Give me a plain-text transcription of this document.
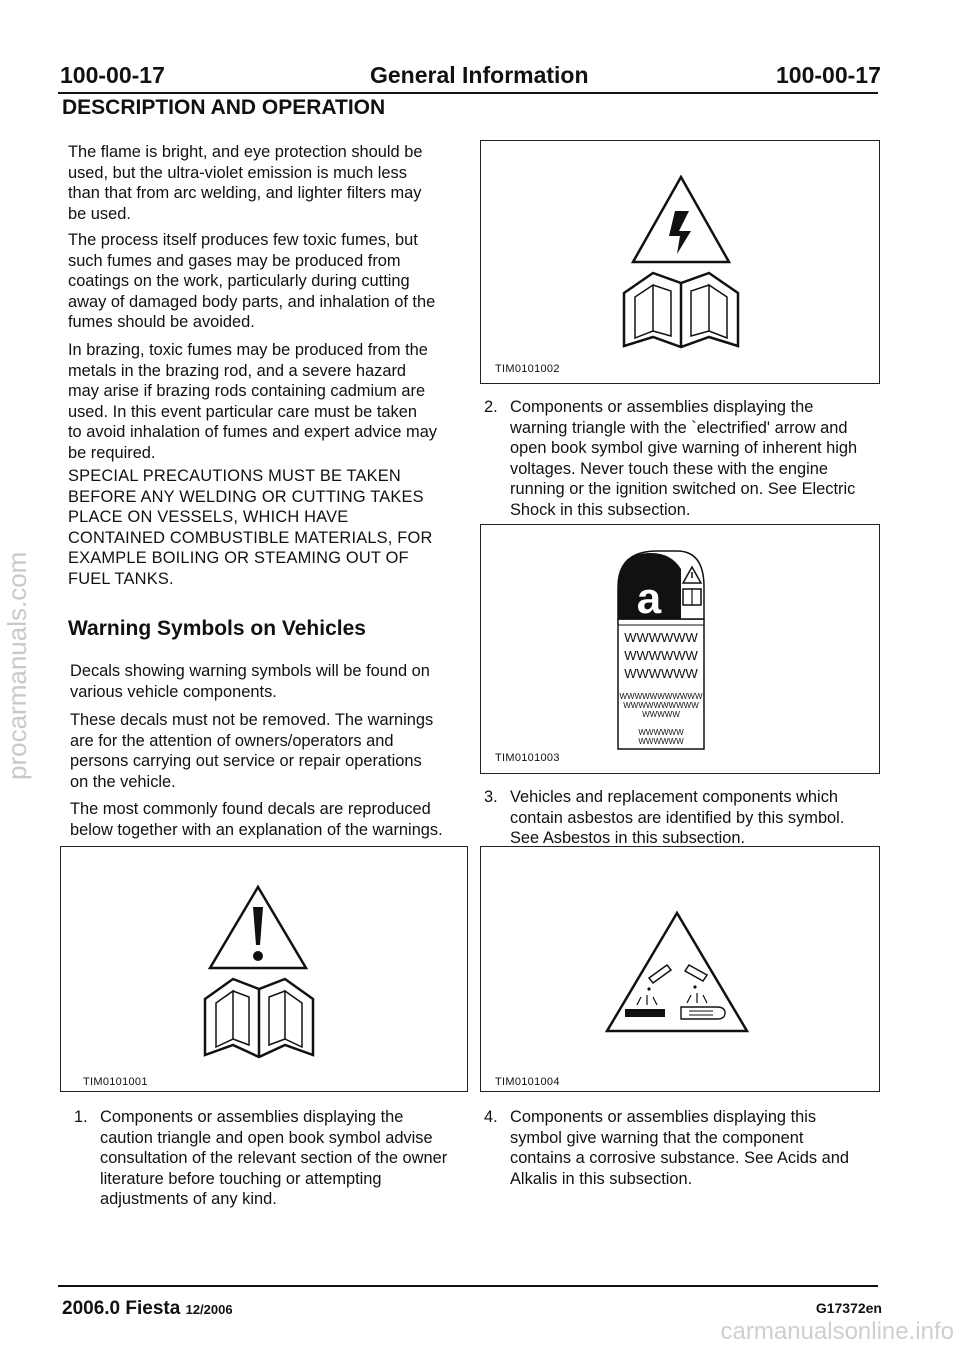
100-00-17	General Information	100-00-17
DESCRIPTION AND OPERATION
The flame is bright, and eye protection should be
used, but the ultra-violet emission is much less
than that from arc welding, and lighter filters may
be used.
The process itself produces few toxic fumes, but
such fumes and gases may be produced from
coatings on the work, particularly during cutting
away of damaged body parts, and inhalation of the
fumes should be avoided.
In brazing, toxic fumes may be produced from the
metals in the brazing rod, and a severe hazard
may arise if brazing rods containing cadmium are
used. In this event particular care must be taken
to avoid inhalation of fumes and expert advice may
be required.
SPECIAL PRECAUTIONS MUST BE TAKEN
BEFORE ANY WELDING OR CUTTING TAKES
PLACE ON VESSELS, WHICH HAVE
CONTAINED COMBUSTIBLE MATERIALS, FOR
EXAMPLE BOILING OR STEAMING OUT OF
FUEL TANKS.
Warning Symbols on Vehicles
Decals showing warning symbols will be found on
various vehicle components.
These decals must not be removed. The warnings
are for the attention of owners/operators and
persons carrying out service or repair operations
on the vehicle.
The most commonly found decals are reproduced
below together with an explanation of the warnings.
TIM0101002
2. Components or assemblies displaying the
warning triangle with the `electrified' arrow and
open book symbol give warning of inherent high
voltages. Never touch these with the engine
running or the ignition switched on. See Electric
Shock in this subsection.
a
WWWWWW
WWWWWW
WWWWWW
WWWWWWWWWWW
WWWWWWWWWW
WWWWW
WWWWWW
WWWWWW
TIM0101003
3. Vehicles and replacement components which
contain asbestos are identified by this symbol.
See Asbestos in this subsection.
TIM0101001	TIM0101004
1. Components or assemblies displaying the
caution triangle and open book symbol advise
consultation of the relevant section of the owner
literature before touching or attempting
adjustments of any kind.
4. Components or assemblies displaying this
symbol give warning that the component
contains a corrosive substance. See Acids and
Alkalis in this subsection.
2006.0 Fiesta 12/2006	G17372en
procarmanuals.com
carmanualsonline.info
